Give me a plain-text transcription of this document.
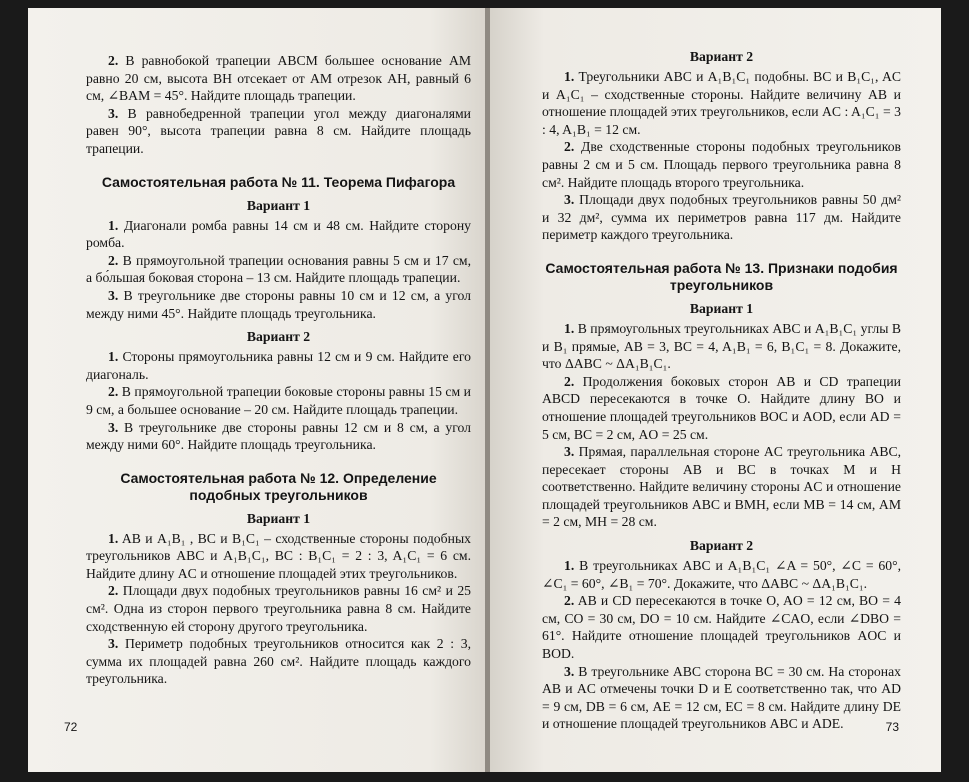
2. В равнобокой трапеции ABCM большее основание AM равно 20 см, высота BH отсекает от AM отрезок AH, равный 6 см, ∠BAM = 45°. Найдите площадь трапеции.

3. В равнобедренной трапеции угол между диагоналями равен 90°, высота трапеции равна 8 см. Найдите площадь трапеции.

Самостоятельная работа № 11. Теорема Пифагора
Вариант 1

1. Диагонали ромба равны 14 см и 48 см. Найдите сторону ромба.

2. В прямоугольной трапеции основания равны 5 см и 17 см, а бо́льшая боковая сторона – 13 см. Найдите площадь трапеции.

3. В треугольнике две стороны равны 10 см и 12 см, а угол между ними 45°. Найдите площадь треугольника.

Вариант 2

1. Стороны прямоугольника равны 12 см и 9 см. Найдите его диагональ.

2. В прямоугольной трапеции боковые стороны равны 15 см и 9 см, а большее основание – 20 см. Найдите площадь трапеции.

3. В треугольнике две стороны равны 12 см и 8 см, а угол между ними 60°. Найдите площадь треугольника.

Самостоятельная работа № 12. Определение подобных треугольников
Вариант 1

1. AB и A₁B₁ , BC и B₁C₁ – сходственные стороны подобных треугольников ABC и A₁B₁C₁, BC : B₁C₁ = 2 : 3, A₁C₁ = 6 см. Найдите длину AC и отношение площадей этих треугольников.

2. Площади двух подобных треугольников равны 16 см² и 25 см². Одна из сторон первого треугольника равна 8 см. Найдите сходственную ей сторону другого треугольника.

3. Периметр подобных треугольников относится как 2 : 3, сумма их площадей равна 260 см². Найдите площадь каждого треугольника.

72
Вариант 2

1. Треугольники ABC и A₁B₁C₁ подобны. BC и B₁C₁, AC и A₁C₁ – сходственные стороны. Найдите величину AB и отношение площадей этих треугольников, если AC : A₁C₁ = 3 : 4, A₁B₁ = 12 см.

2. Две сходственные стороны подобных треугольников равны 2 см и 5 см. Площадь первого треугольника равна 8 см². Найдите площадь второго треугольника.

3. Площади двух подобных треугольников равны 50 дм² и 32 дм², сумма их периметров равна 117 дм. Найдите периметр каждого треугольника.

Самостоятельная работа № 13. Признаки подобия треугольников
Вариант 1

1. В прямоугольных треугольниках ABC и A₁B₁C₁ углы B и B₁ прямые, AB = 3, BC = 4, A₁B₁ = 6, B₁C₁ = 8. Докажите, что ΔABC ~ ΔA₁B₁C₁.

2. Продолжения боковых сторон AB и CD трапеции ABCD пересекаются в точке O. Найдите длину BO и отношение площадей треугольников BOC и AOD, если AD = 5 см, BC = 2 см, AO = 25 см.

3. Прямая, параллельная стороне AC треугольника ABC, пересекает стороны AB и BC в точках M и H соответственно. Найдите величину стороны AC и отношение площадей треугольников ABC и BMH, если MB = 14 см, AM = 2 см, MH = 28 см.

Вариант 2

1. В треугольниках ABC и A₁B₁C₁ ∠A = 50°, ∠C = 60°, ∠C₁ = 60°, ∠B₁ = 70°. Докажите, что ΔABC ~ ΔA₁B₁C₁.

2. AB и CD пересекаются в точке O, AO = 12 см, BO = 4 см, CO = 30 см, DO = 10 см. Найдите ∠CAO, если ∠DBO = 61°. Найдите отношение площадей треугольников AOC и BOD.

3. В треугольнике ABC сторона BC = 30 см. На сторонах AB и AC отмечены точки D и E соответственно так, что AD = 9 см, DB = 6 см, AE = 12 см, EC = 8 см. Найдите длину DE и отношение площадей треугольников ABC и ADE.	73
